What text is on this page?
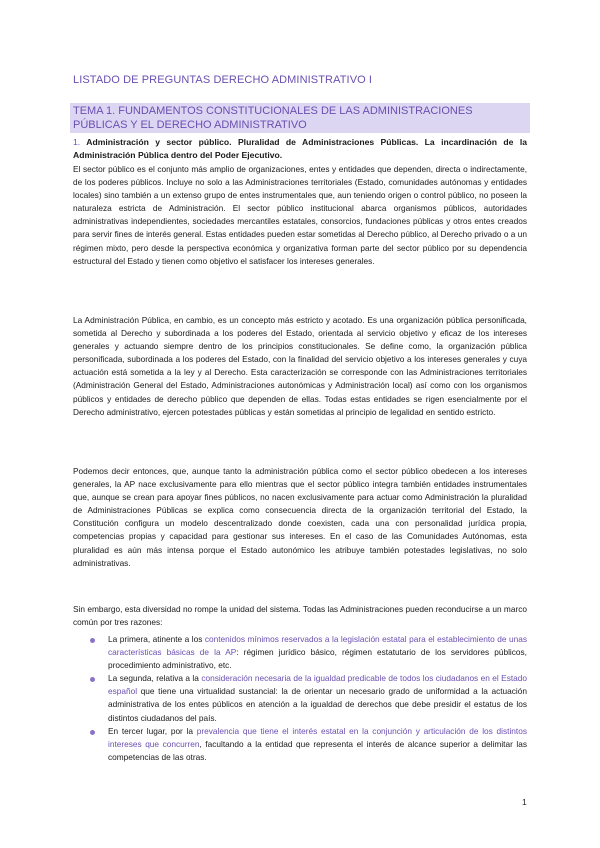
LISTADO DE PREGUNTAS DERECHO ADMINISTRATIVO I
TEMA 1. FUNDAMENTOS CONSTITUCIONALES DE LAS ADMINISTRACIONES PÚBLICAS Y EL DERECHO ADMINISTRATIVO
1. Administración y sector público. Pluralidad de Administraciones Públicas. La incardinación de la Administración Pública dentro del Poder Ejecutivo.

El sector público es el conjunto más amplio de organizaciones, entes y entidades que dependen, directa o indirectamente, de los poderes públicos. Incluye no solo a las Administraciones territoriales (Estado, comunidades autónomas y entidades locales) sino también a un extenso grupo de entes instrumentales que, aun teniendo origen o control público, no poseen la naturaleza estricta de Administración. El sector público institucional abarca organismos públicos, autoridades administrativas independientes, sociedades mercantiles estatales, consorcios, fundaciones públicas y otros entes creados para servir fines de interés general. Estas entidades pueden estar sometidas al Derecho público, al Derecho privado o a un régimen mixto, pero desde la perspectiva económica y organizativa forman parte del sector público por su dependencia estructural del Estado y tienen como objetivo el satisfacer los intereses generales.

La Administración Pública, en cambio, es un concepto más estricto y acotado. Es una organización pública personificada, sometida al Derecho y subordinada a los poderes del Estado, orientada al servicio objetivo y eficaz de los intereses generales y actuando siempre dentro de los principios constitucionales. Se define como, la organización pública personificada, subordinada a los poderes del Estado, con la finalidad del servicio objetivo a los intereses generales y cuya actuación está sometida a la ley y al Derecho. Esta caracterización se corresponde con las Administraciones territoriales (Administración General del Estado, Administraciones autonómicas y Administración local) así como con los organismos públicos y entidades de derecho público que dependen de ellas. Todas estas entidades se rigen esencialmente por el Derecho administrativo, ejercen potestades públicas y están sometidas al principio de legalidad en sentido estricto.

Podemos decir entonces, que, aunque tanto la administración pública como el sector público obedecen a los intereses generales, la AP nace exclusivamente para ello mientras que el sector público integra también entidades instrumentales que, aunque se crean para apoyar fines públicos, no nacen exclusivamente para actuar como Administración la pluralidad de Administraciones Públicas se explica como consecuencia directa de la organización territorial del Estado, la Constitución configura un modelo descentralizado donde coexisten, cada una con personalidad jurídica propia, competencias propias y capacidad para gestionar sus intereses. En el caso de las Comunidades Autónomas, esta pluralidad es aún más intensa porque el Estado autonómico les atribuye también potestades legislativas, no solo administrativas.

Sin embargo, esta diversidad no rompe la unidad del sistema. Todas las Administraciones pueden reconducirse a un marco común por tres razones:

La primera, atinente a los contenidos mínimos reservados a la legislación estatal para el establecimiento de unas características básicas de la AP: régimen jurídico básico, régimen estatutario de los servidores públicos, procedimiento administrativo, etc.
La segunda, relativa a la consideración necesaria de la igualdad predicable de todos los ciudadanos en el Estado español que tiene una virtualidad sustancial: la de orientar un necesario grado de uniformidad a la actuación administrativa de los entes públicos en atención a la igualdad de derechos que debe presidir el estatus de los distintos ciudadanos del país.
En tercer lugar, por la prevalencia que tiene el interés estatal en la conjunción y articulación de los distintos intereses que concurren, facultando a la entidad que representa el interés de alcance superior a delimitar las competencias de las otras.
1
